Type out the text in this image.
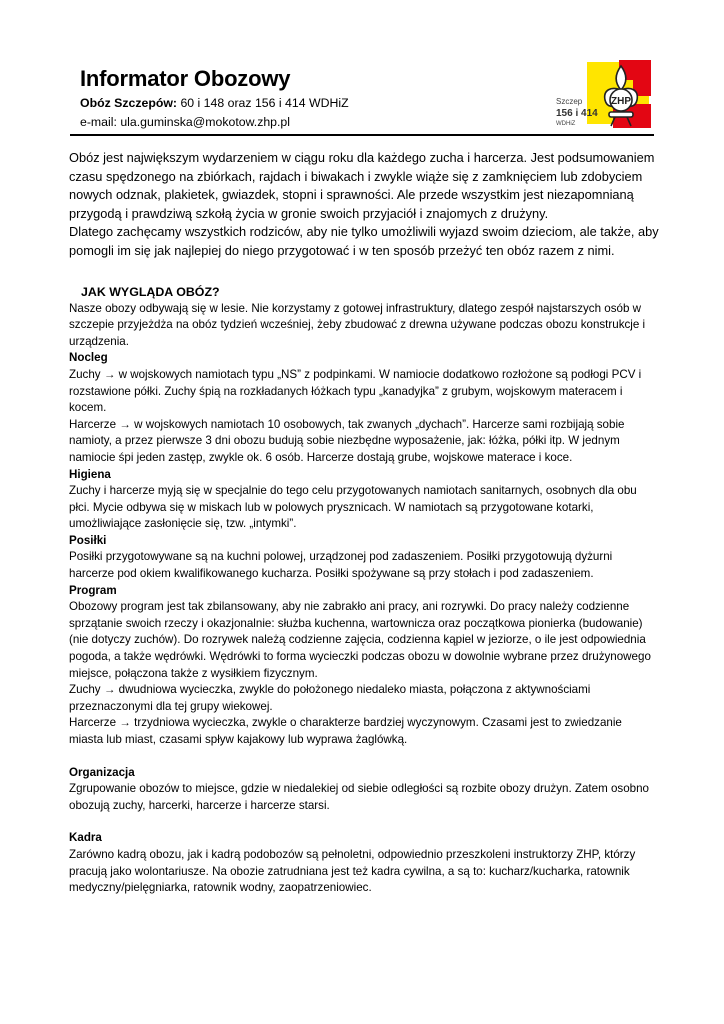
Informator Obozowy

Obóz Szczepów: 60 i 148 oraz 156 i 414 WDHiZ

e-mail: ula.guminska@mokotow.zhp.pl

ZHP
Szczep
156 i 414
WDHiZ

Obóz jest największym wydarzeniem w ciągu roku dla każdego zucha i harcerza. Jest podsumowaniem czasu spędzonego na zbiórkach, rajdach i biwakach i zwykle wiąże się z zamknięciem lub zdobyciem nowych odznak, plakietek, gwiazdek, stopni i sprawności. Ale przede wszystkim jest niezapomnianą przygodą i prawdziwą szkołą życia w gronie swoich przyjaciół i znajomych z drużyny.

Dlatego zachęcamy wszystkich rodziców, aby nie tylko umożliwili wyjazd swoim dzieciom, ale także, aby pomogli im się jak najlepiej do niego przygotować i w ten sposób przeżyć ten obóz razem z nimi.

JAK WYGLĄDA OBÓZ?

Nasze obozy odbywają się w lesie. Nie korzystamy z gotowej infrastruktury, dlatego zespół najstarszych osób w szczepie przyjeżdża na obóz tydzień wcześniej, żeby zbudować z drewna używane podczas obozu konstrukcje i urządzenia.

Nocleg

Zuchy → w wojskowych namiotach typu „NS” z podpinkami. W namiocie dodatkowo rozłożone są podłogi PCV i rozstawione półki. Zuchy śpią na rozkładanych łóżkach typu „kanadyjka” z grubym, wojskowym materacem i kocem.

Harcerze → w wojskowych namiotach 10 osobowych, tak zwanych „dychach”. Harcerze sami rozbijają sobie namioty, a przez pierwsze 3 dni obozu budują sobie niezbędne wyposażenie, jak: łóżka, półki itp. W jednym namiocie śpi jeden zastęp, zwykle ok. 6 osób. Harcerze dostają grube, wojskowe materace i koce.

Higiena

Zuchy i harcerze myją się w specjalnie do tego celu przygotowanych namiotach sanitarnych, osobnych dla obu płci. Mycie odbywa się w miskach lub w polowych prysznicach. W namiotach są przygotowane kotarki, umożliwiające zasłonięcie się, tzw. „intymki”.

Posiłki

Posiłki przygotowywane są na kuchni polowej, urządzonej pod zadaszeniem. Posiłki przygotowują dyżurni harcerze pod okiem kwalifikowanego kucharza. Posiłki spożywane są przy stołach i pod zadaszeniem.

Program

Obozowy program jest tak zbilansowany, aby nie zabrakło ani pracy, ani rozrywki. Do pracy należy codzienne sprzątanie swoich rzeczy i okazjonalnie: służba kuchenna, wartownicza oraz początkowa pionierka (budowanie) (nie dotyczy zuchów). Do rozrywek należą codzienne zajęcia, codzienna kąpiel w jeziorze, o ile jest odpowiednia pogoda, a także wędrówki. Wędrówki to forma wycieczki podczas obozu w dowolnie wybrane przez drużynowego miejsce, połączona także z wysiłkiem fizycznym.

Zuchy → dwudniowa wycieczka, zwykle do położonego niedaleko miasta, połączona z aktywnościami przeznaczonymi dla tej grupy wiekowej.

Harcerze → trzydniowa wycieczka, zwykle o charakterze bardziej wyczynowym. Czasami jest to zwiedzanie miasta lub miast, czasami spływ kajakowy lub wyprawa żaglówką.

Organizacja

Zgrupowanie obozów to miejsce, gdzie w niedalekiej od siebie odległości są rozbite obozy drużyn. Zatem osobno obozują zuchy, harcerki, harcerze i harcerze starsi.

Kadra

Zarówno kadrą obozu, jak i kadrą podobozów są pełnoletni, odpowiednio przeszkoleni instruktorzy ZHP, którzy pracują jako wolontariusze. Na obozie zatrudniana jest też kadra cywilna, a są to: kucharz/kucharka, ratownik medyczny/pielęgniarka, ratownik wodny, zaopatrzeniowiec.
